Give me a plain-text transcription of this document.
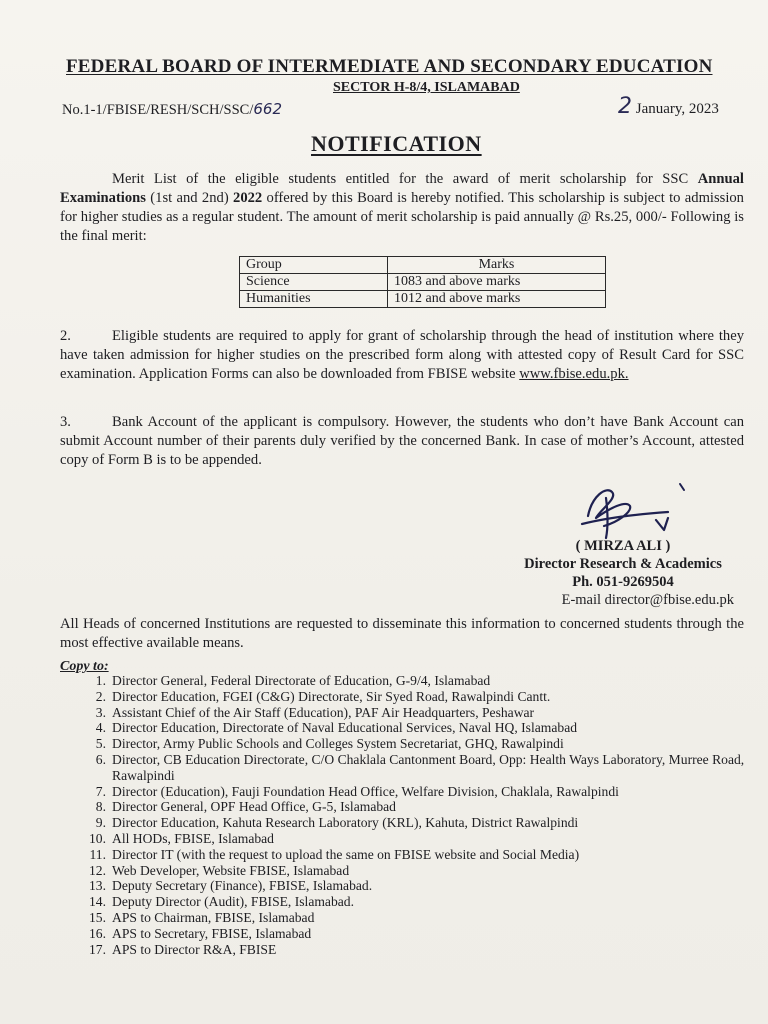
FEDERAL BOARD OF INTERMEDIATE AND SECONDARY EDUCATION
SECTOR H-8/4, ISLAMABAD
No.1-1/FBISE/RESH/SCH/SSC/662	2 January, 2023
NOTIFICATION
Merit List of the eligible students entitled for the award of merit scholarship for SSC Annual Examinations (1st and 2nd) 2022 offered by this Board is hereby notified. This scholarship is subject to admission for higher studies as a regular student. The amount of merit scholarship is paid annually @ Rs.25, 000/- Following is the final merit:
Group	Marks
Science	1083 and above marks
Humanities	1012 and above marks
2.	Eligible students are required to apply for grant of scholarship through the head of institution where they have taken admission for higher studies on the prescribed form along with attested copy of Result Card for SSC examination. Application Forms can also be downloaded from FBISE website www.fbise.edu.pk.
3.	Bank Account of the applicant is compulsory. However, the students who don’t have Bank Account can submit Account number of their parents duly verified by the concerned Bank. In case of mother’s Account, attested copy of Form B is to be appended.
( MIRZA ALI )
Director Research & Academics
Ph. 051-9269504
E-mail director@fbise.edu.pk
All Heads of concerned Institutions are requested to disseminate this information to concerned students through the most effective available means.
Copy to:
1. Director General, Federal Directorate of Education, G-9/4, Islamabad
2. Director Education, FGEI (C&G) Directorate, Sir Syed Road, Rawalpindi Cantt.
3. Assistant Chief of the Air Staff (Education), PAF Air Headquarters, Peshawar
4. Director Education, Directorate of Naval Educational Services, Naval HQ, Islamabad
5. Director, Army Public Schools and Colleges System Secretariat, GHQ, Rawalpindi
6. Director, CB Education Directorate, C/O Chaklala Cantonment Board, Opp: Health Ways Laboratory, Murree Road, Rawalpindi
7. Director (Education), Fauji Foundation Head Office, Welfare Division, Chaklala, Rawalpindi
8. Director General, OPF Head Office, G-5, Islamabad
9. Director Education, Kahuta Research Laboratory (KRL), Kahuta, District Rawalpindi
10. All HODs, FBISE, Islamabad
11. Director IT (with the request to upload the same on FBISE website and Social Media)
12. Web Developer, Website FBISE, Islamabad
13. Deputy Secretary (Finance), FBISE, Islamabad.
14. Deputy Director (Audit), FBISE, Islamabad.
15. APS to Chairman, FBISE, Islamabad
16. APS to Secretary, FBISE, Islamabad
17. APS to Director R&A, FBISE
